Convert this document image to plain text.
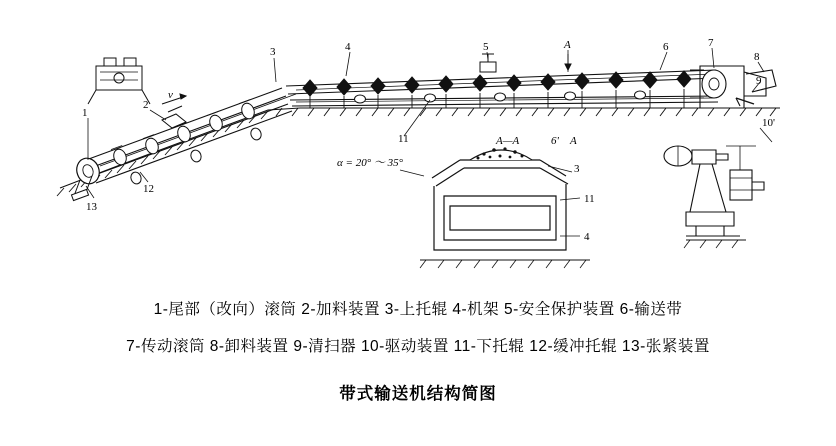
1
2
3	4	5	A	6	7
8
9
11
12
13
v
A—A	6' A
α = 20° ～ 35°	3
11
4
10'

1-尾部（改向）滚筒 2-加料装置 3-上托辊 4-机架 5-安全保护装置 6-输送带

7-传动滚筒 8-卸料装置 9-清扫器 10-驱动装置 11-下托辊 12-缓冲托辊 13-张紧装置

带式输送机结构简图
